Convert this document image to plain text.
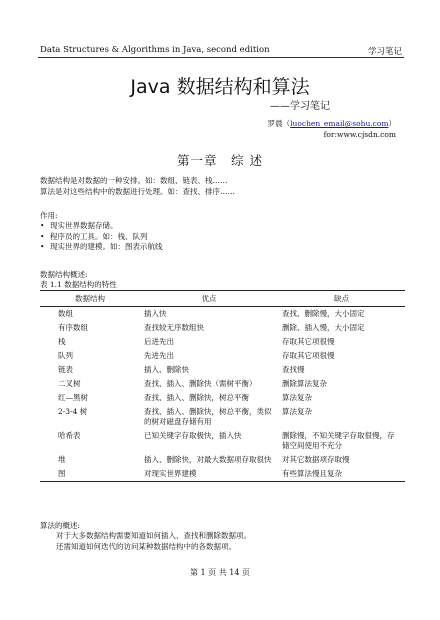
Data Structures & Algorithms in Java, second edition	学习笔记
Java 数据结构和算法
——学习笔记
罗晨（luochen_email@sohu.com）
for:www.cjsdn.com
第一章　综 述
数据结构是对数据的一种安排。如：数组、链表、栈……
算法是对这些结构中的数据进行处理。如：查找、排序……
作用:
• 现实世界数据存储。
• 程序员的工具。如：栈、队列
• 现实世界的建模。如：图表示航线
数据结构概述:
表 1.1 数据结构的特性
数据结构	优点	缺点
数组	插入快	查找、删除慢，大小固定
有序数组	查找较无序数组快	删除、插入慢，大小固定
栈	后进先出	存取其它项很慢
队列	先进先出	存取其它项很慢
链表	插入、删除快	查找慢
二叉树	查找、插入、删除快（需树平衡）	删除算法复杂
红—黑树	查找、插入、删除快，树总平衡	算法复杂
2-3-4 树	查找、插入、删除快，树总平衡，类似的树对磁盘存储有用	算法复杂
哈希表	已知关键字存取极快，插入快	删除慢，不知关键字存取很慢，存储空间使用不充分
堆	插入、删除快，对最大数据项存取很快	对其它数据项存取慢
图	对现实世界建模	有些算法慢且复杂
算法的概述:
对于大多数据结构需要知道如何插入、查找和删除数据项。
还需知道如何迭代的访问某种数据结构中的各数据项。
第 1 页 共 14 页
